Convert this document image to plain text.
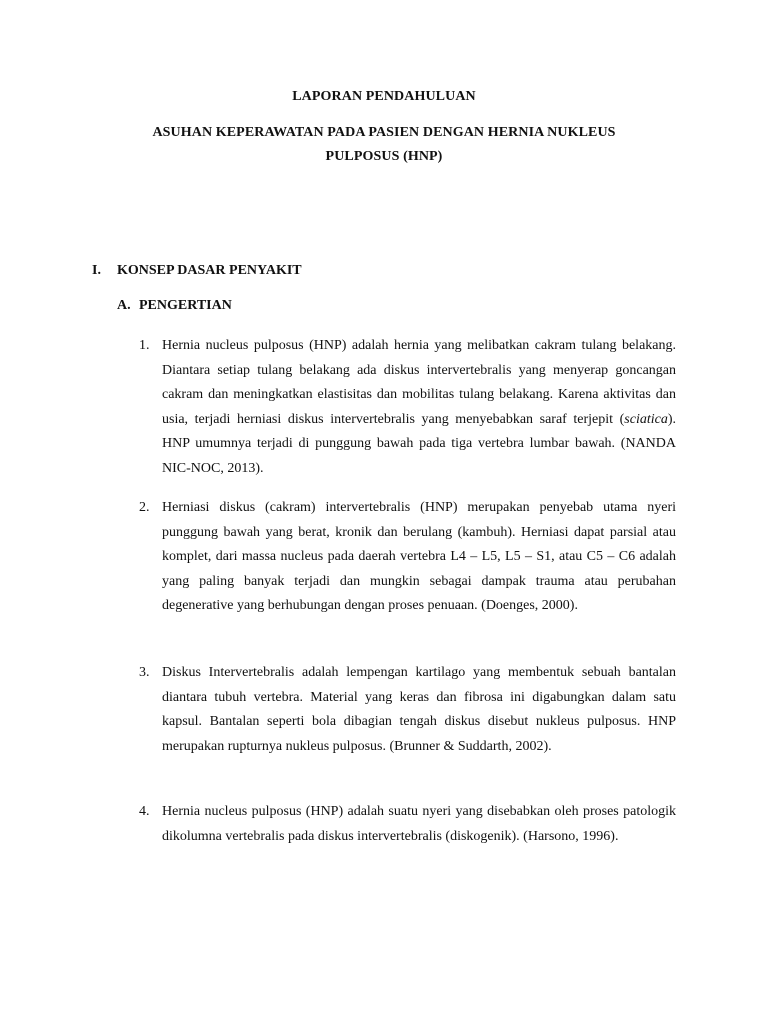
LAPORAN PENDAHULUAN
ASUHAN KEPERAWATAN PADA PASIEN DENGAN HERNIA NUKLEUS
PULPOSUS (HNP)
I. KONSEP DASAR PENYAKIT
A. PENGERTIAN
1. Hernia nucleus pulposus (HNP) adalah hernia yang melibatkan cakram tulang belakang. Diantara setiap tulang belakang ada diskus intervertebralis yang menyerap goncangan cakram dan meningkatkan elastisitas dan mobilitas tulang belakang. Karena aktivitas dan usia, terjadi herniasi diskus intervertebralis yang menyebabkan saraf terjepit (sciatica). HNP umumnya terjadi di punggung bawah pada tiga vertebra lumbar bawah. (NANDA NIC-NOC, 2013).
2. Herniasi diskus (cakram) intervertebralis (HNP) merupakan penyebab utama nyeri punggung bawah yang berat, kronik dan berulang (kambuh). Herniasi dapat parsial atau komplet, dari massa nucleus pada daerah vertebra L4 – L5, L5 – S1, atau C5 – C6 adalah yang paling banyak terjadi dan mungkin sebagai dampak trauma atau perubahan degenerative yang berhubungan dengan proses penuaan. (Doenges, 2000).
3. Diskus Intervertebralis adalah lempengan kartilago yang membentuk sebuah bantalan diantara tubuh vertebra. Material yang keras dan fibrosa ini digabungkan dalam satu kapsul. Bantalan seperti bola dibagian tengah diskus disebut nukleus pulposus. HNP merupakan rupturnya nukleus pulposus. (Brunner & Suddarth, 2002).
4. Hernia nucleus pulposus (HNP) adalah suatu nyeri yang disebabkan oleh proses patologik dikolumna vertebralis pada diskus intervertebralis (diskogenik). (Harsono, 1996).
